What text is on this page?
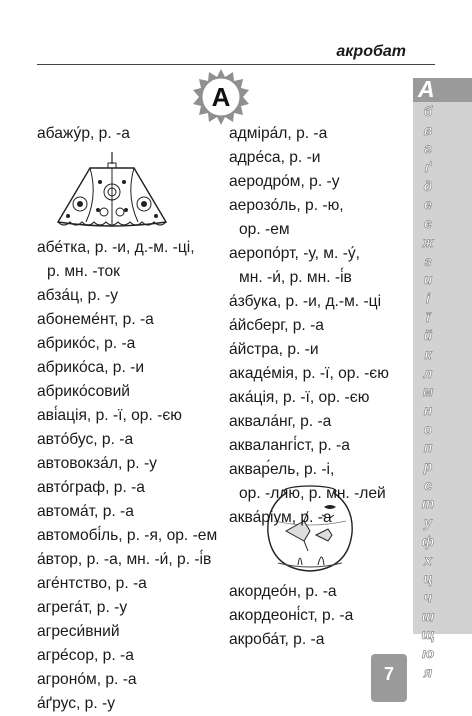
акробат
А
абажу́р, р. -а
абе́тка, р. -и, д.-м. -ці,
р. мн. -ток
абза́ц, р. -у
абонеме́нт, р. -а
абрико́с, р. -а
абрико́са, р. -и
абрико́совий
аві́ація, р. -ї, ор. -єю
авто́бус, р. -а
автовокза́л, р. -у
авто́граф, р. -а
автома́т, р. -а
автомобі́ль, р. -я, ор. -ем
а́втор, р. -а, мн. -и́, р. -і́в
аге́нтство, р. -а
агрега́т, р. -у
агреси́вний
агре́сор, р. -а
агроно́м, р. -а
а́ґрус, р. -у
адміра́л, р. -а
адре́са, р. -и
аеродро́м, р. -у
аерозо́ль, р. -ю,
ор. -ем
аеропо́рт, -у, м. -у́,
мн. -и́, р. мн. -і́в
а́збука, р. -и, д.-м. -ці
а́йсберг, р. -а
а́йстра, р. -и
акаде́мія, р. -ї, ор. -єю
ака́ція, р. -ї, ор. -єю
аквала́нг, р. -а
аквалангі́ст, р. -а
аквар́ель, р. -і,
ор. -ллю, р. мн. -лей
аква́ріум, р. -а
акордео́н, р. -а
акордеоні́ст, р. -а
акроба́т, р. -а
А
б
в
г
ґ
д
е
є
ж
з
и
і
ї
й
к
л
м
н
о
п
р
с
т
у
ф
х
ц
ч
ш
щ
ю
я
7
